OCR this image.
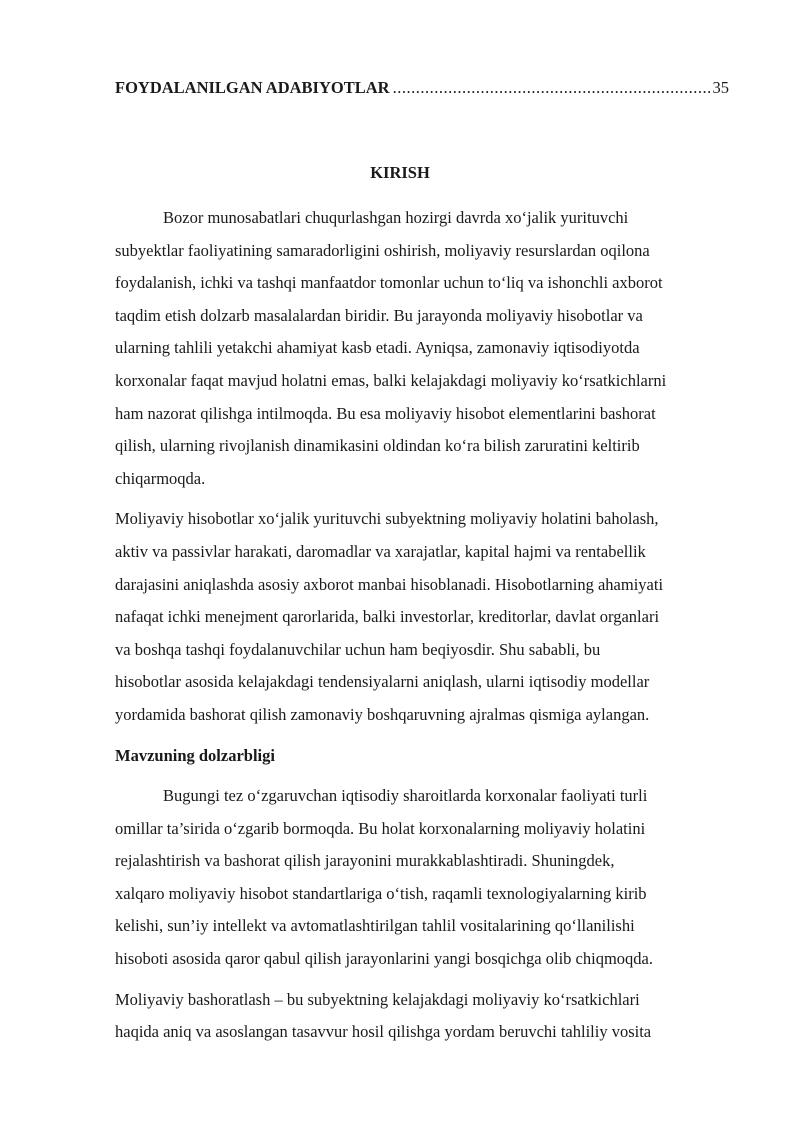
FOYDALANILGAN ADABIYOTLAR
.....	35
KIRISH
Bozor munosabatlari chuqurlashgan hozirgi davrda xo‘jalik yurituvchi
subyektlar faoliyatining samaradorligini oshirish, moliyaviy resurslardan oqilona
foydalanish, ichki va tashqi manfaatdor tomonlar uchun to‘liq va ishonchli axborot
taqdim etish dolzarb masalalardan biridir. Bu jarayonda moliyaviy hisobotlar va
ularning tahlili yetakchi ahamiyat kasb etadi. Ayniqsa, zamonaviy iqtisodiyotda
korxonalar faqat mavjud holatni emas, balki kelajakdagi moliyaviy ko‘rsatkichlarni
ham nazorat qilishga intilmoqda. Bu esa moliyaviy hisobot elementlarini bashorat
qilish, ularning rivojlanish dinamikasini oldindan ko‘ra bilish zaruratini keltirib
chiqarmoqda.
Moliyaviy hisobotlar xo‘jalik yurituvchi subyektning moliyaviy holatini baholash,
aktiv va passivlar harakati, daromadlar va xarajatlar, kapital hajmi va rentabellik
darajasini aniqlashda asosiy axborot manbai hisoblanadi. Hisobotlarning ahamiyati
nafaqat ichki menejment qarorlarida, balki investorlar, kreditorlar, davlat organlari
va boshqa tashqi foydalanuvchilar uchun ham beqiyosdir. Shu sababli, bu
hisobotlar asosida kelajakdagi tendensiyalarni aniqlash, ularni iqtisodiy modellar
yordamida bashorat qilish zamonaviy boshqaruvning ajralmas qismiga aylangan.
Mavzuning dolzarbligi
Bugungi tez o‘zgaruvchan iqtisodiy sharoitlarda korxonalar faoliyati turli
omillar ta’sirida o‘zgarib bormoqda. Bu holat korxonalarning moliyaviy holatini
rejalashtirish va bashorat qilish jarayonini murakkablashtiradi. Shuningdek,
xalqaro moliyaviy hisobot standartlariga o‘tish, raqamli texnologiyalarning kirib
kelishi, sun’iy intellekt va avtomatlashtirilgan tahlil vositalarining qo‘llanilishi
hisoboti asosida qaror qabul qilish jarayonlarini yangi bosqichga olib chiqmoqda.
Moliyaviy bashoratlash – bu subyektning kelajakdagi moliyaviy ko‘rsatkichlari
haqida aniq va asoslangan tasavvur hosil qilishga yordam beruvchi tahliliy vosita
